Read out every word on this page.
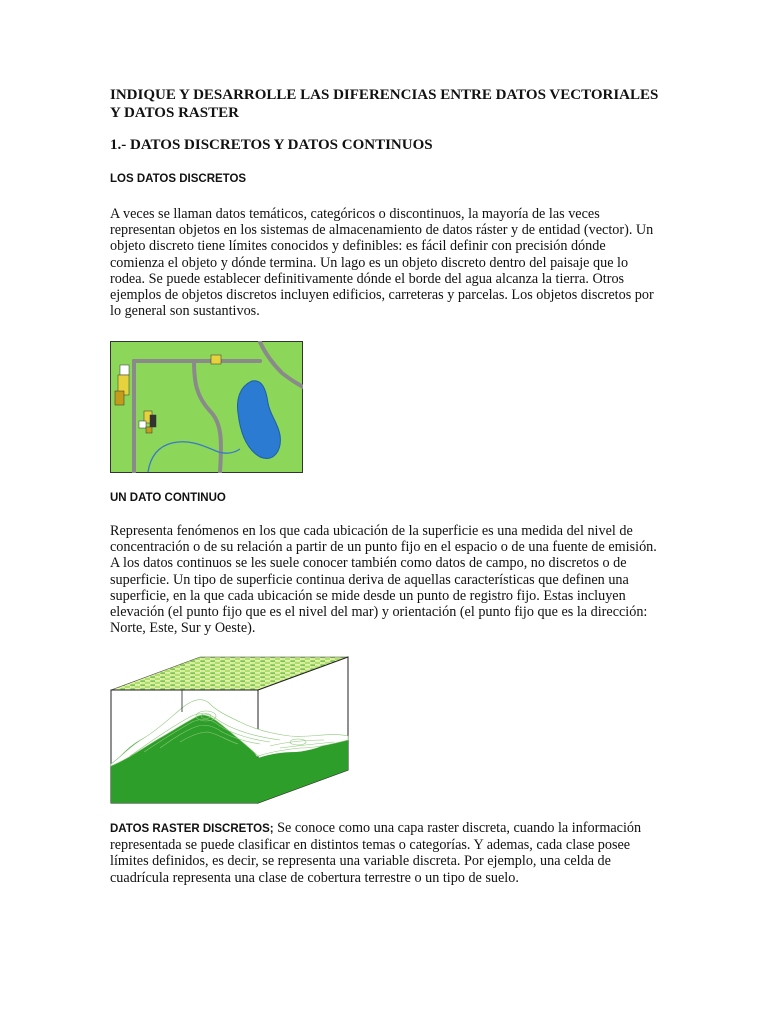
INDIQUE Y DESARROLLE LAS DIFERENCIAS ENTRE DATOS VECTORIALES Y DATOS RASTER
1.- DATOS DISCRETOS Y DATOS CONTINUOS
LOS DATOS DISCRETOS
A veces se llaman datos temáticos, categóricos o discontinuos, la mayoría de las veces representan objetos en los sistemas de almacenamiento de datos ráster y de entidad (vector). Un objeto discreto tiene límites conocidos y definibles: es fácil definir con precisión dónde comienza el objeto y dónde termina. Un lago es un objeto discreto dentro del paisaje que lo rodea. Se puede establecer definitivamente dónde el borde del agua alcanza la tierra. Otros ejemplos de objetos discretos incluyen edificios, carreteras y parcelas. Los objetos discretos por lo general son sustantivos.
UN DATO CONTINUO
Representa fenómenos en los que cada ubicación de la superficie es una medida del nivel de concentración o de su relación a partir de un punto fijo en el espacio o de una fuente de emisión. A los datos continuos se les suele conocer también como datos de campo, no discretos o de superficie. Un tipo de superficie continua deriva de aquellas características que definen una superficie, en la que cada ubicación se mide desde un punto de registro fijo. Estas incluyen elevación (el punto fijo que es el nivel del mar) y orientación (el punto fijo que es la dirección: Norte, Este, Sur y Oeste).
DATOS RASTER DISCRETOS; Se conoce como una capa raster discreta, cuando la información representada se puede clasificar en distintos temas o categorías. Y ademas, cada clase posee límites definidos, es decir, se representa una variable discreta. Por ejemplo, una celda de cuadrícula representa una clase de cobertura terrestre o un tipo de suelo.
